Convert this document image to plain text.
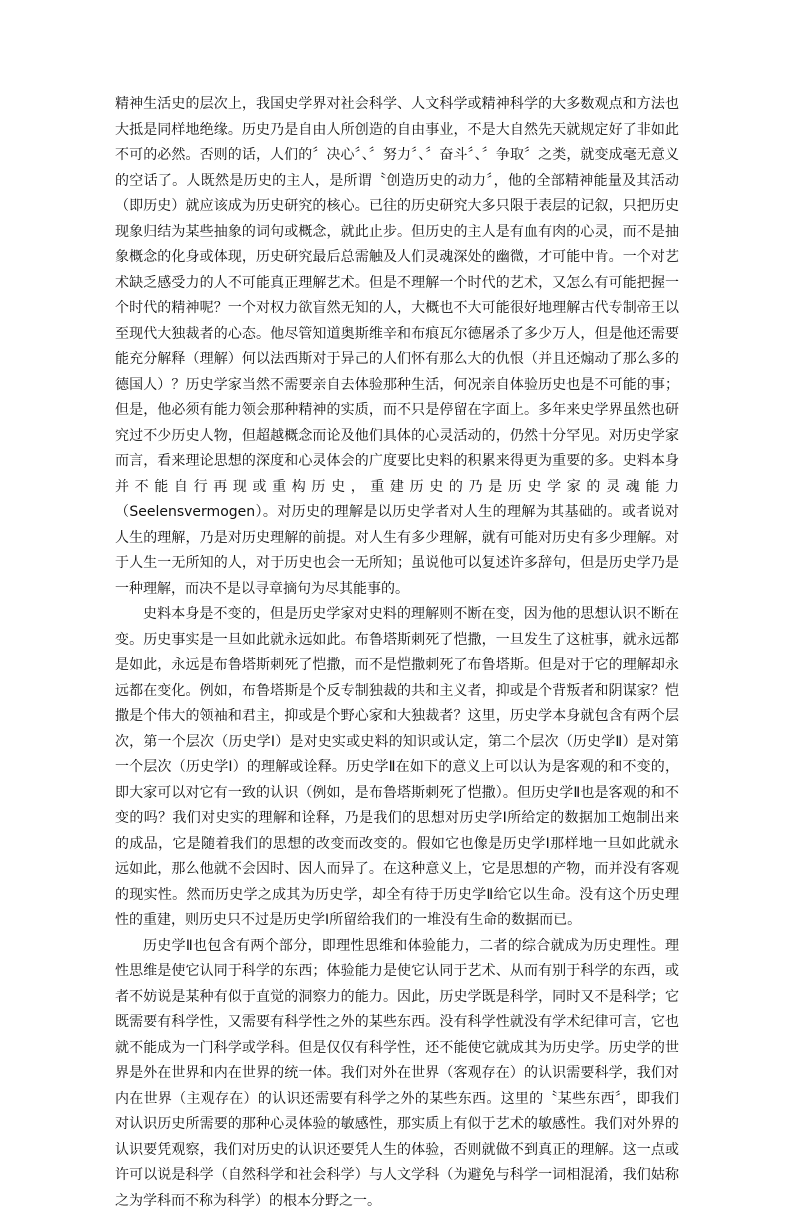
精神生活史的层次上，我国史学界对社会科学、人文科学或精神科学的大多数观点和方法也大抵是同样地绝缘。历史乃是自由人所创造的自由事业，不是大自然先天就规定好了非如此不可的必然。否则的话，人们的〞决心〞、〞努力〞、〞奋斗〞、〞争取〞之类，就变成毫无意义的空话了。人既然是历史的主人，是所谓〝创造历史的动力〞，他的全部精神能量及其活动（即历史）就应该成为历史研究的核心。已往的历史研究大多只限于表层的记叙，只把历史现象归结为某些抽象的词句或概念，就此止步。但历史的主人是有血有肉的心灵，而不是抽象概念的化身或体现，历史研究最后总需触及人们灵魂深处的幽微，才可能中肯。一个对艺术缺乏感受力的人不可能真正理解艺术。但是不理解一个时代的艺术，又怎么有可能把握一个时代的精神呢？一个对权力欲盲然无知的人，大概也不大可能很好地理解古代专制帝王以至现代大独裁者的心态。他尽管知道奥斯维辛和布痕瓦尔德屠杀了多少万人，但是他还需要能充分解释（理解）何以法西斯对于异己的人们怀有那么大的仇恨（并且还煽动了那么多的德国人）？历史学家当然不需要亲自去体验那种生活，何况亲自体验历史也是不可能的事；但是，他必须有能力领会那种精神的实质，而不只是停留在字面上。多年来史学界虽然也研究过不少历史人物，但超越概念而论及他们具体的心灵活动的，仍然十分罕见。对历史学家而言，看来理论思想的深度和心灵体会的广度要比史料的积累来得更为重要的多。史料本身并不能自行再现或重构历史，重建历史的乃是历史学家的灵魂能力（Seelensvermogen）。对历史的理解是以历史学者对人生的理解为其基础的。或者说对人生的理解，乃是对历史理解的前提。对人生有多少理解，就有可能对历史有多少理解。对于人生一无所知的人，对于历史也会一无所知；虽说他可以复述许多辞句，但是历史学乃是一种理解，而决不是以寻章摘句为尽其能事的。

史料本身是不变的，但是历史学家对史料的理解则不断在变，因为他的思想认识不断在变。历史事实是一旦如此就永远如此。布鲁塔斯刺死了恺撒，一旦发生了这桩事，就永远都是如此，永远是布鲁塔斯刺死了恺撒，而不是恺撒刺死了布鲁塔斯。但是对于它的理解却永远都在变化。例如，布鲁塔斯是个反专制独裁的共和主义者，抑或是个背叛者和阴谋家？恺撒是个伟大的领袖和君主，抑或是个野心家和大独裁者？这里，历史学本身就包含有两个层次，第一个层次（历史学Ⅰ）是对史实或史料的知识或认定，第二个层次（历史学Ⅱ）是对第一个层次（历史学Ⅰ）的理解或诠释。历史学Ⅱ在如下的意义上可以认为是客观的和不变的，即大家可以对它有一致的认识（例如，是布鲁塔斯刺死了恺撒）。但历史学Ⅱ也是客观的和不变的吗？我们对史实的理解和诠释，乃是我们的思想对历史学Ⅰ所给定的数据加工炮制出来的成品，它是随着我们的思想的改变而改变的。假如它也像是历史学Ⅰ那样地一旦如此就永远如此，那么他就不会因时、因人而异了。在这种意义上，它是思想的产物，而并没有客观的现实性。然而历史学之成其为历史学，却全有待于历史学Ⅱ给它以生命。没有这个历史理性的重建，则历史只不过是历史学Ⅰ所留给我们的一堆没有生命的数据而已。

历史学Ⅱ也包含有两个部分，即理性思维和体验能力，二者的综合就成为历史理性。理性思维是使它认同于科学的东西；体验能力是使它认同于艺术、从而有别于科学的东西，或者不妨说是某种有似于直觉的洞察力的能力。因此，历史学既是科学，同时又不是科学；它既需要有科学性，又需要有科学性之外的某些东西。没有科学性就没有学术纪律可言，它也就不能成为一门科学或学科。但是仅仅有科学性，还不能使它就成其为历史学。历史学的世界是外在世界和内在世界的统一体。我们对外在世界（客观存在）的认识需要科学，我们对内在世界（主观存在）的认识还需要有科学之外的某些东西。这里的〝某些东西〞，即我们对认识历史所需要的那种心灵体验的敏感性，那实质上有似于艺术的敏感性。我们对外界的认识要凭观察，我们对历史的认识还要凭人生的体验，否则就做不到真正的理解。这一点或许可以说是科学（自然科学和社会科学）与人文学科（为避免与科学一词相混淆，我们姑称之为学科而不称为科学）的根本分野之一。
